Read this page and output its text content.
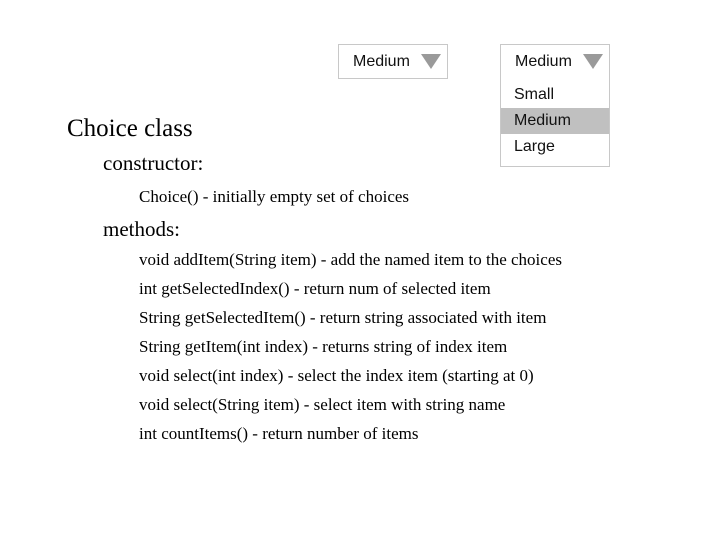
Medium	Medium
Small
Medium
Large
Choice class
constructor:
Choice() - initially empty set of choices
methods:
void addItem(String item) - add the named item to the choices
int getSelectedIndex() - return num of selected item
String getSelectedItem() - return string associated with item
String getItem(int index) - returns string of index item
void select(int index) - select the index item (starting at 0)
void select(String item) - select item with string name
int countItems() - return number of items
